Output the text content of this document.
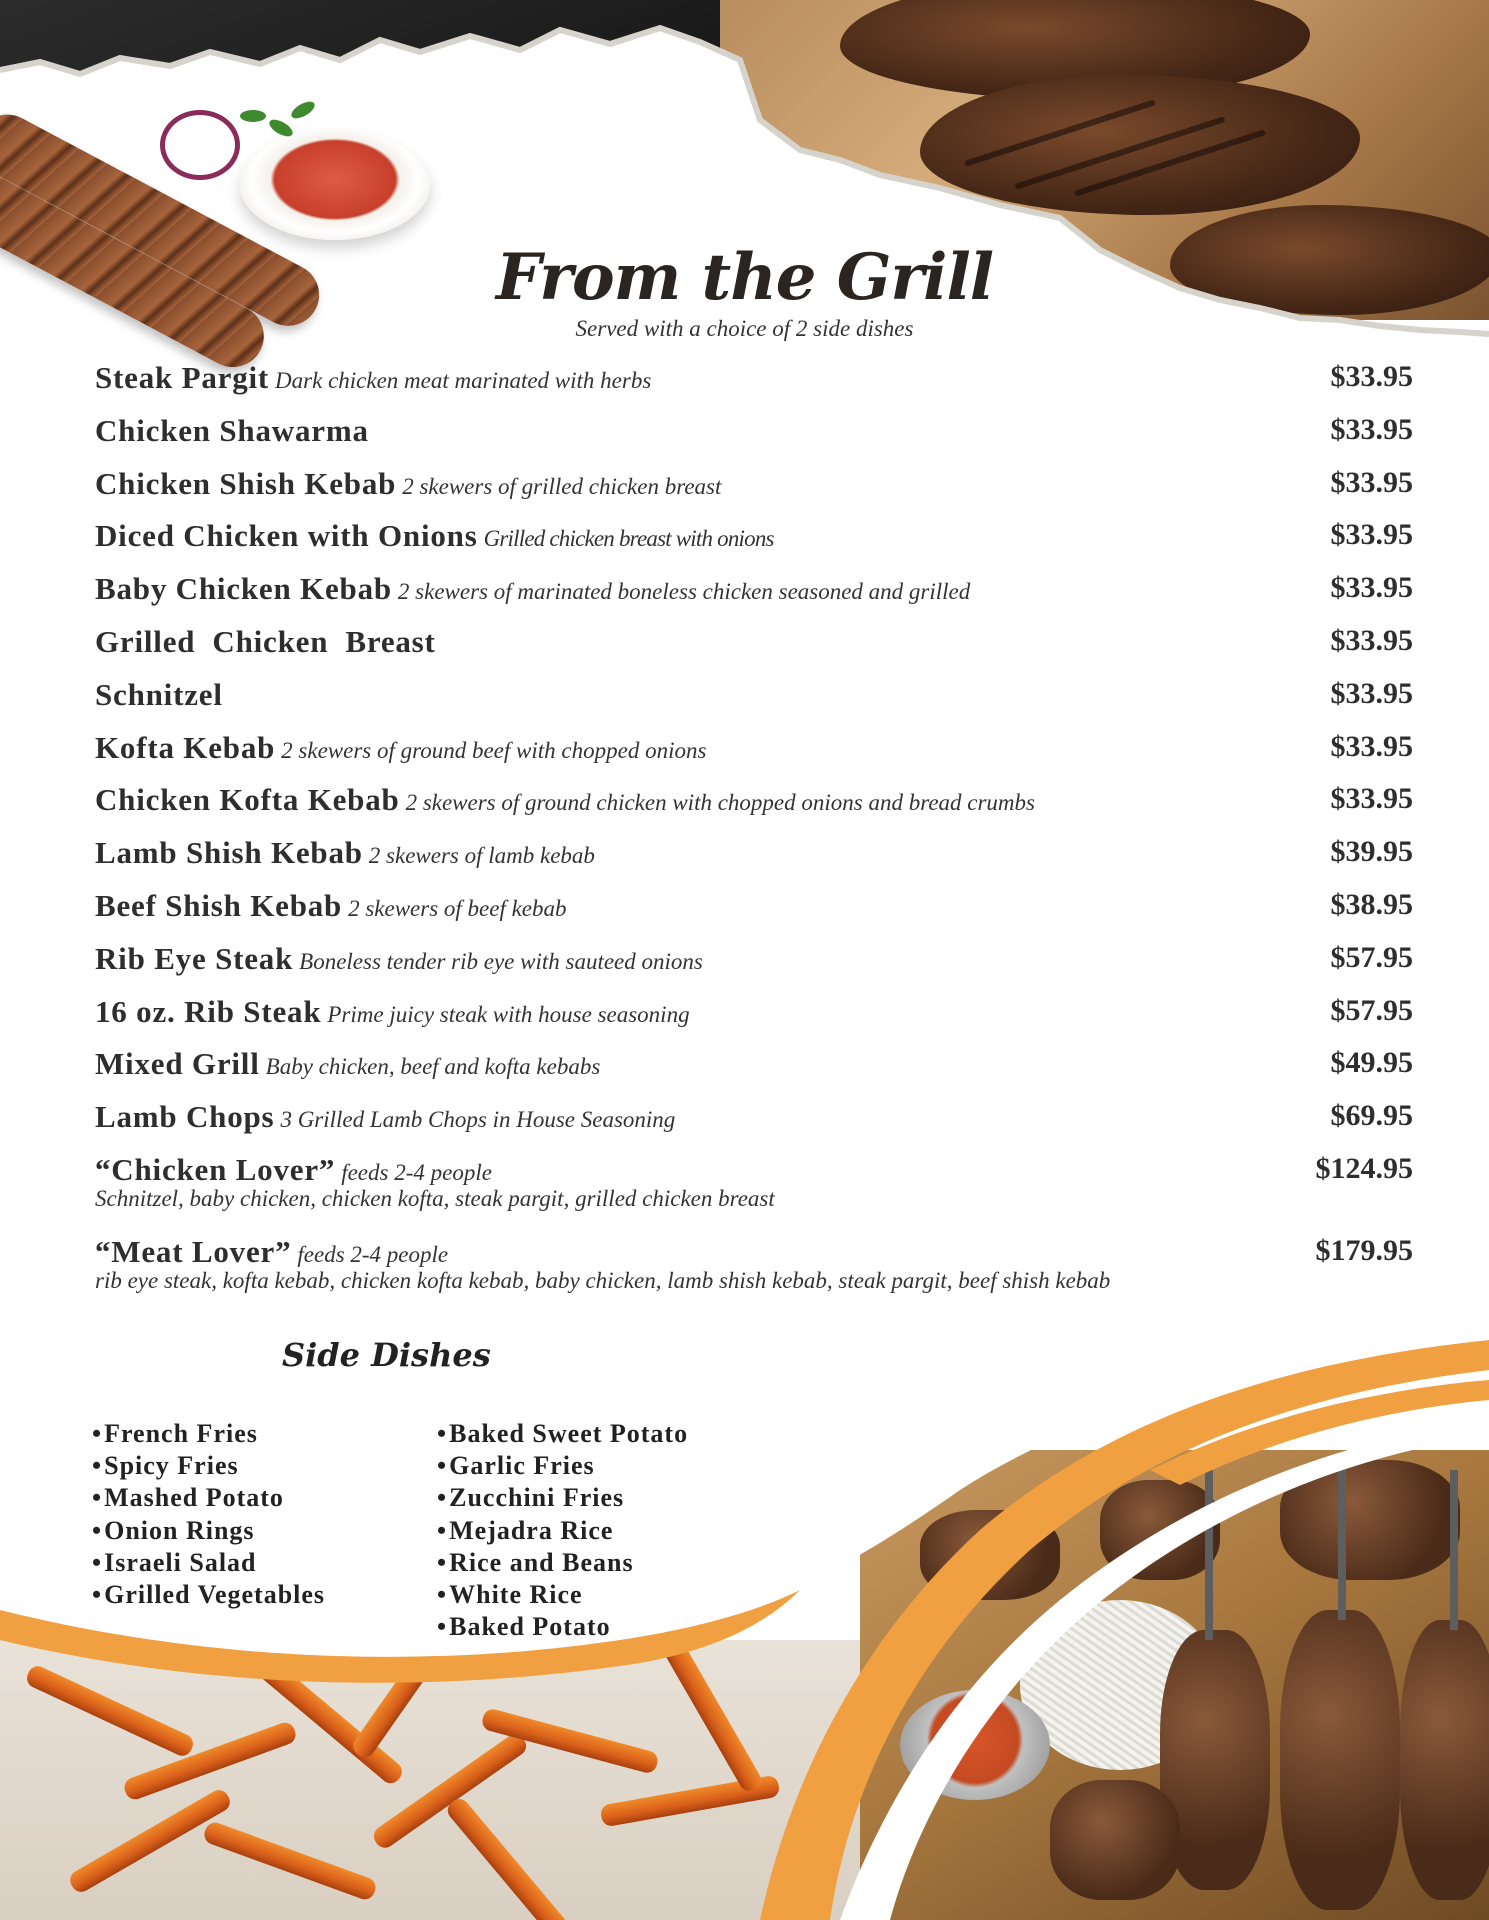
From the Grill
Served with a choice of 2 side dishes
Steak Pargit Dark chicken meat marinated with herbs	$33.95
Chicken Shawarma	$33.95
Chicken Shish Kebab 2 skewers of grilled chicken breast	$33.95
Diced Chicken with Onions Grilled chicken breast with onions	$33.95
Baby Chicken Kebab 2 skewers of marinated boneless chicken seasoned and grilled	$33.95
Grilled  Chicken  Breast	$33.95
Schnitzel	$33.95
Kofta Kebab 2 skewers of ground beef with chopped onions	$33.95
Chicken Kofta Kebab 2 skewers of ground chicken with chopped onions and bread crumbs	$33.95
Lamb Shish Kebab 2 skewers of lamb kebab	$39.95
Beef Shish Kebab 2 skewers of beef kebab	$38.95
Rib Eye Steak Boneless tender rib eye with sauteed onions	$57.95
16 oz. Rib Steak Prime juicy steak with house seasoning	$57.95
Mixed Grill Baby chicken, beef and kofta kebabs	$49.95
Lamb Chops 3 Grilled Lamb Chops in House Seasoning	$69.95
“Chicken Lover” feeds 2-4 people	$124.95
Schnitzel, baby chicken, chicken kofta, steak pargit, grilled chicken breast
“Meat Lover” feeds 2-4 people	$179.95
rib eye steak, kofta kebab, chicken kofta kebab, baby chicken, lamb shish kebab, steak pargit, beef shish kebab
Side Dishes
• French Fries
• Spicy Fries
• Mashed Potato
• Onion Rings
• Israeli Salad
• Grilled Vegetables
• Baked Sweet Potato
• Garlic Fries
• Zucchini Fries
• Mejadra Rice
• Rice and Beans
• White Rice
• Baked Potato
